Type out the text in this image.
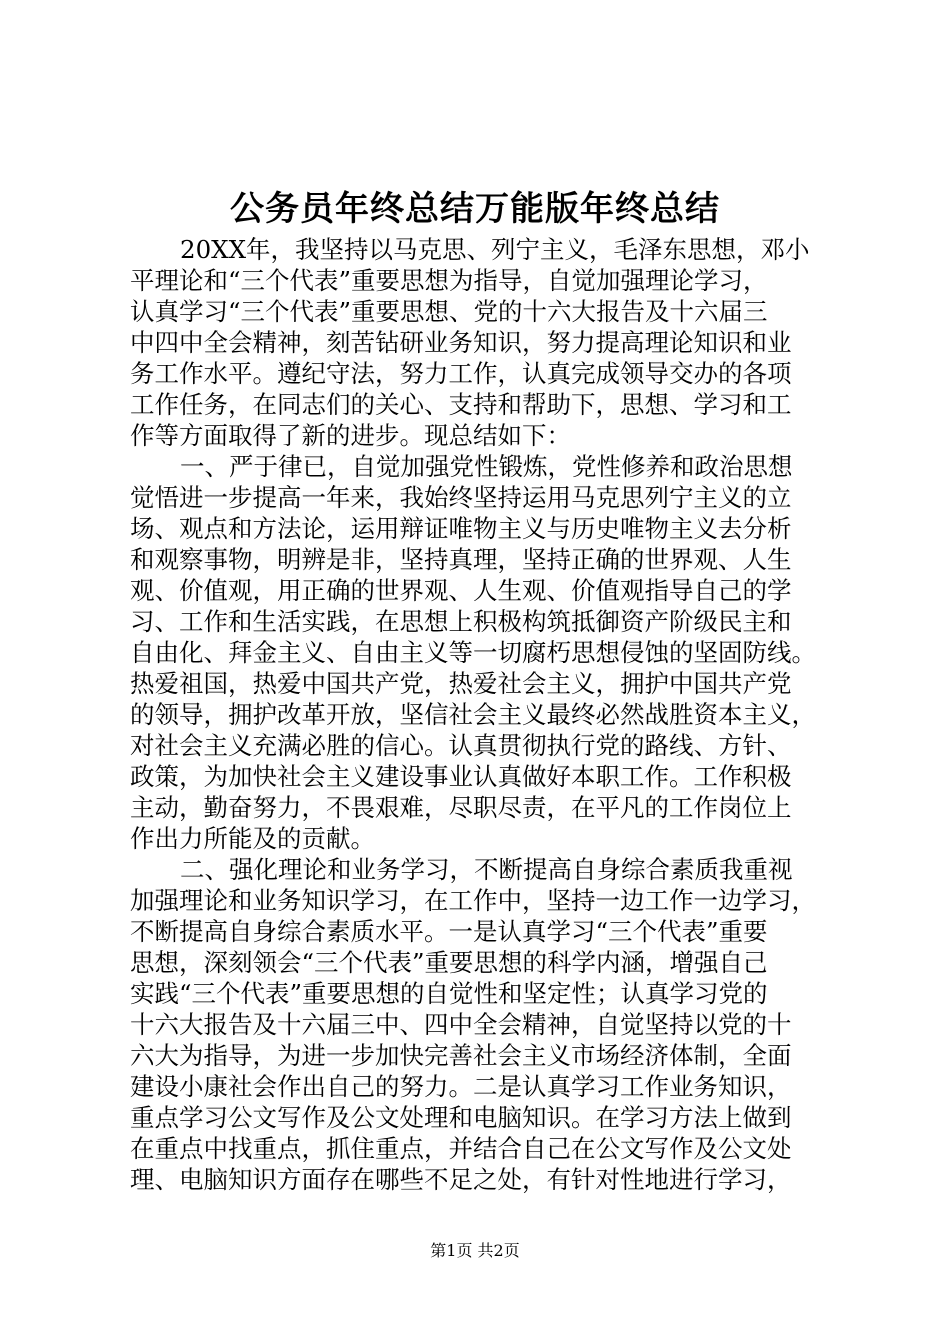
公务员年终总结万能版年终总结
20XX年，我坚持以马克思、列宁主义，毛泽东思想，邓小
平理论和“三个代表”重要思想为指导，自觉加强理论学习，
认真学习“三个代表”重要思想、党的十六大报告及十六届三
中四中全会精神，刻苦钻研业务知识，努力提高理论知识和业
务工作水平。遵纪守法，努力工作，认真完成领导交办的各项
工作任务，在同志们的关心、支持和帮助下，思想、学习和工
作等方面取得了新的进步。现总结如下：
一、严于律已，自觉加强党性锻炼，党性修养和政治思想
觉悟进一步提高一年来，我始终坚持运用马克思列宁主义的立
场、观点和方法论，运用辩证唯物主义与历史唯物主义去分析
和观察事物，明辨是非，坚持真理，坚持正确的世界观、人生
观、价值观，用正确的世界观、人生观、价值观指导自己的学
习、工作和生活实践，在思想上积极构筑抵御资产阶级民主和
自由化、拜金主义、自由主义等一切腐朽思想侵蚀的坚固防线。
热爱祖国，热爱中国共产党，热爱社会主义，拥护中国共产党
的领导，拥护改革开放，坚信社会主义最终必然战胜资本主义，
对社会主义充满必胜的信心。认真贯彻执行党的路线、方针、
政策，为加快社会主义建设事业认真做好本职工作。工作积极
主动，勤奋努力，不畏艰难，尽职尽责，在平凡的工作岗位上
作出力所能及的贡献。
二、强化理论和业务学习，不断提高自身综合素质我重视
加强理论和业务知识学习，在工作中，坚持一边工作一边学习，
不断提高自身综合素质水平。一是认真学习“三个代表”重要
思想，深刻领会“三个代表”重要思想的科学内涵，增强自己
实践“三个代表”重要思想的自觉性和坚定性；认真学习党的
十六大报告及十六届三中、四中全会精神，自觉坚持以党的十
六大为指导，为进一步加快完善社会主义市场经济体制，全面
建设小康社会作出自己的努力。二是认真学习工作业务知识，
重点学习公文写作及公文处理和电脑知识。在学习方法上做到
在重点中找重点，抓住重点，并结合自己在公文写作及公文处
理、电脑知识方面存在哪些不足之处，有针对性地进行学习，
第1页 共2页
